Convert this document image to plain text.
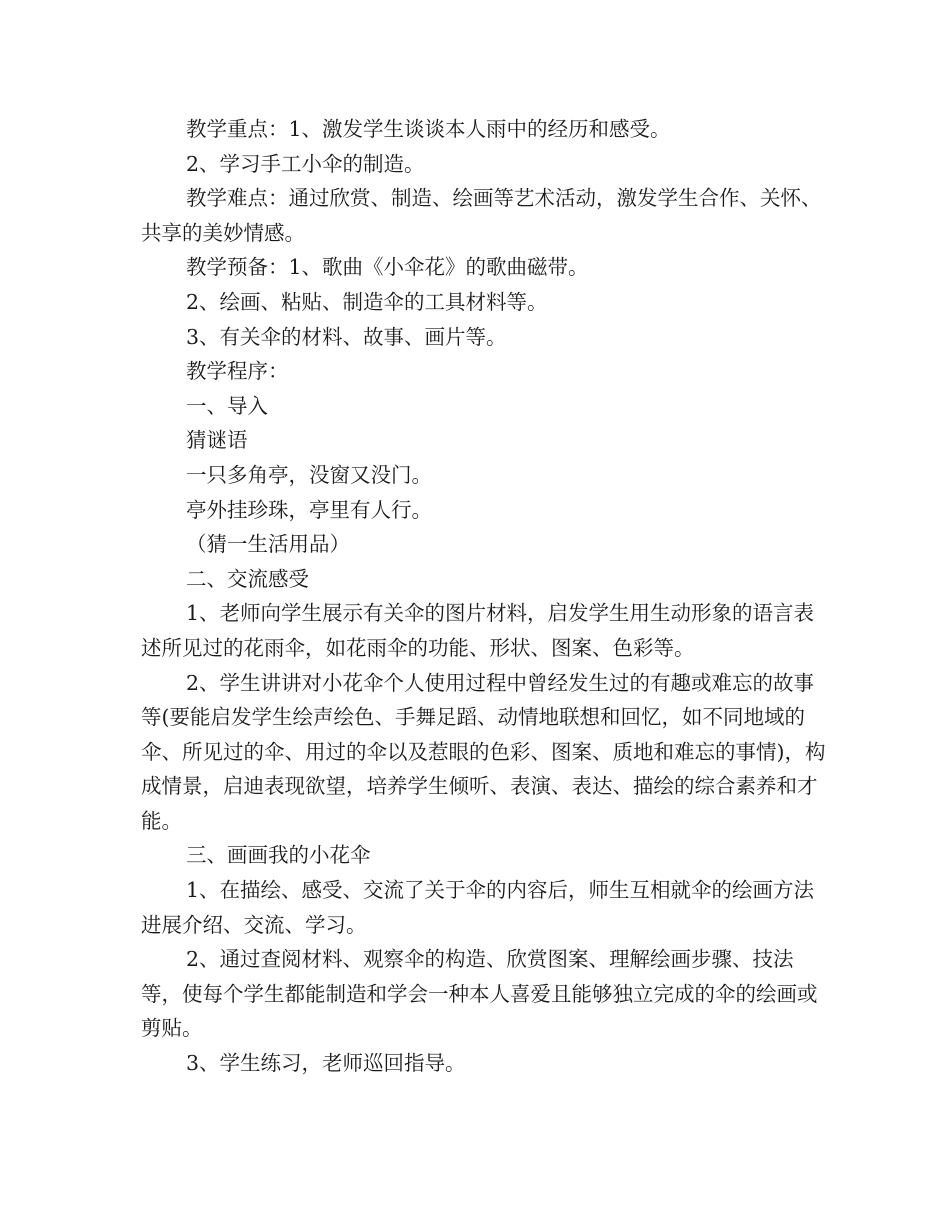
教学重点：1、激发学生谈谈本人雨中的经历和感受。

2、学习手工小伞的制造。

教学难点：通过欣赏、制造、绘画等艺术活动，激发学生合作、关怀、共享的美妙情感。

教学预备：1、歌曲《小伞花》的歌曲磁带。

2、绘画、粘贴、制造伞的工具材料等。

3、有关伞的材料、故事、画片等。

教学程序：

一、导入

猜谜语

一只多角亭，没窗又没门。

亭外挂珍珠，亭里有人行。

（猜一生活用品）

二、交流感受

1、老师向学生展示有关伞的图片材料，启发学生用生动形象的语言表述所见过的花雨伞，如花雨伞的功能、形状、图案、色彩等。

2、学生讲讲对小花伞个人使用过程中曾经发生过的有趣或难忘的故事等(要能启发学生绘声绘色、手舞足蹈、动情地联想和回忆，如不同地域的伞、所见过的伞、用过的伞以及惹眼的色彩、图案、质地和难忘的事情)，构成情景，启迪表现欲望，培养学生倾听、表演、表达、描绘的综合素养和才能。

三、画画我的小花伞

1、在描绘、感受、交流了关于伞的内容后，师生互相就伞的绘画方法进展介绍、交流、学习。

2、通过查阅材料、观察伞的构造、欣赏图案、理解绘画步骤、技法等，使每个学生都能制造和学会一种本人喜爱且能够独立完成的伞的绘画或剪贴。

3、学生练习，老师巡回指导。
